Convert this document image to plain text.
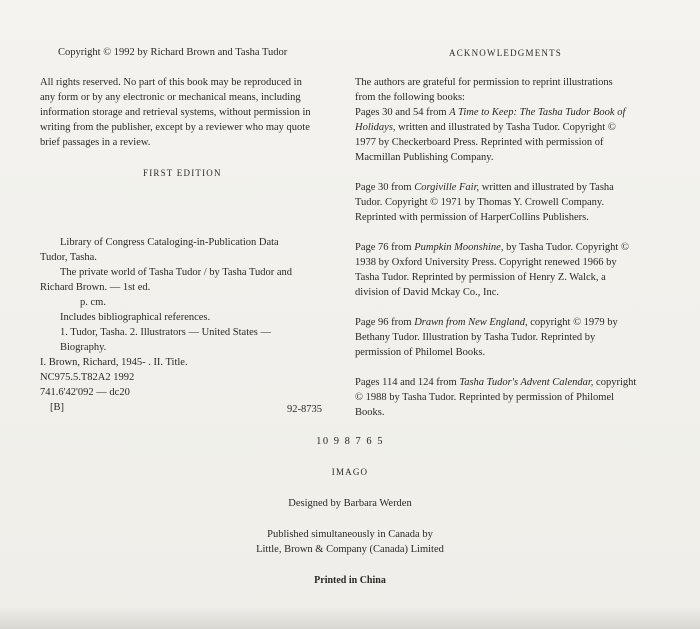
Copyright © 1992 by Richard Brown and Tasha Tudor

All rights reserved. No part of this book may be reproduced in

any form or by any electronic or mechanical means, including

information storage and retrieval systems, without permission in

writing from the publisher, except by a reviewer who may quote

brief passages in a review.

FIRST EDITION

Library of Congress Cataloging-in-Publication Data

Tudor, Tasha.

The private world of Tasha Tudor / by Tasha Tudor and

Richard Brown. — 1st ed.

p. cm.

Includes bibliographical references.

1. Tudor, Tasha. 2. Illustrators — United States —

Biography.

I. Brown, Richard, 1945- . II. Title.

NC975.5.T82A2 1992

741.6'42'092 — dc20

[B]	92-8735
ACKNOWLEDGMENTS

The authors are grateful for permission to reprint illustrations

from the following books:

Pages 30 and 54 from A Time to Keep: The Tasha Tudor Book of

Holidays, written and illustrated by Tasha Tudor. Copyright ©

1977 by Checkerboard Press. Reprinted with permission of

Macmillan Publishing Company.

Page 30 from Corgiville Fair, written and illustrated by Tasha

Tudor. Copyright © 1971 by Thomas Y. Crowell Company.

Reprinted with permission of HarperCollins Publishers.

Page 76 from Pumpkin Moonshine, by Tasha Tudor. Copyright ©

1938 by Oxford University Press. Copyright renewed 1966 by

Tasha Tudor. Reprinted by permission of Henry Z. Walck, a

division of David Mckay Co., Inc.

Page 96 from Drawn from New England, copyright © 1979 by

Bethany Tudor. Illustration by Tasha Tudor. Reprinted by

permission of Philomel Books.

Pages 114 and 124 from Tasha Tudor's Advent Calendar, copyright

© 1988 by Tasha Tudor. Reprinted by permission of Philomel

Books.

10 9 8 7 6 5
IMAGO
Designed by Barbara Werden
Published simultaneously in Canada by
Little, Brown & Company (Canada) Limited
Printed in China
